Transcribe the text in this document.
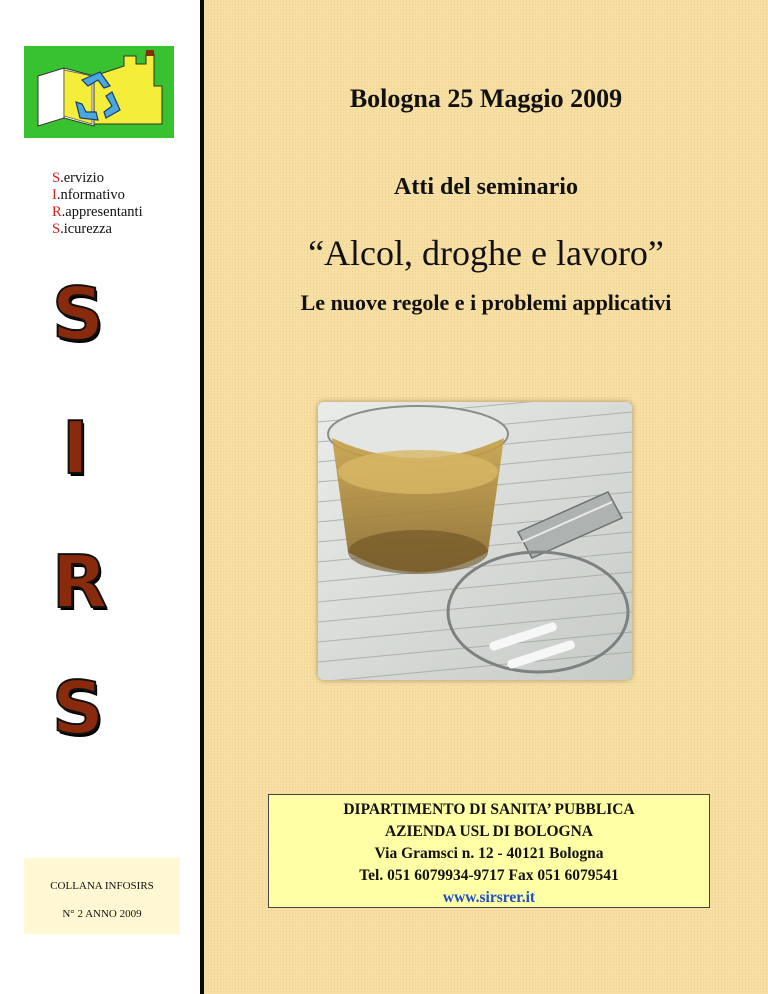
S.ervizio
I.nformativo
R.appresentanti
S.icurezza
S
I
R
S
COLLANA INFOSIRS
N° 2 ANNO 2009
Bologna 25 Maggio 2009
Atti del seminario
“Alcol, droghe e lavoro”
Le nuove regole e i problemi applicativi
DIPARTIMENTO DI SANITA’ PUBBLICA
AZIENDA USL DI BOLOGNA
Via Gramsci n. 12 - 40121 Bologna
Tel. 051 6079934-9717 Fax 051 6079541
www.sirsrer.it
